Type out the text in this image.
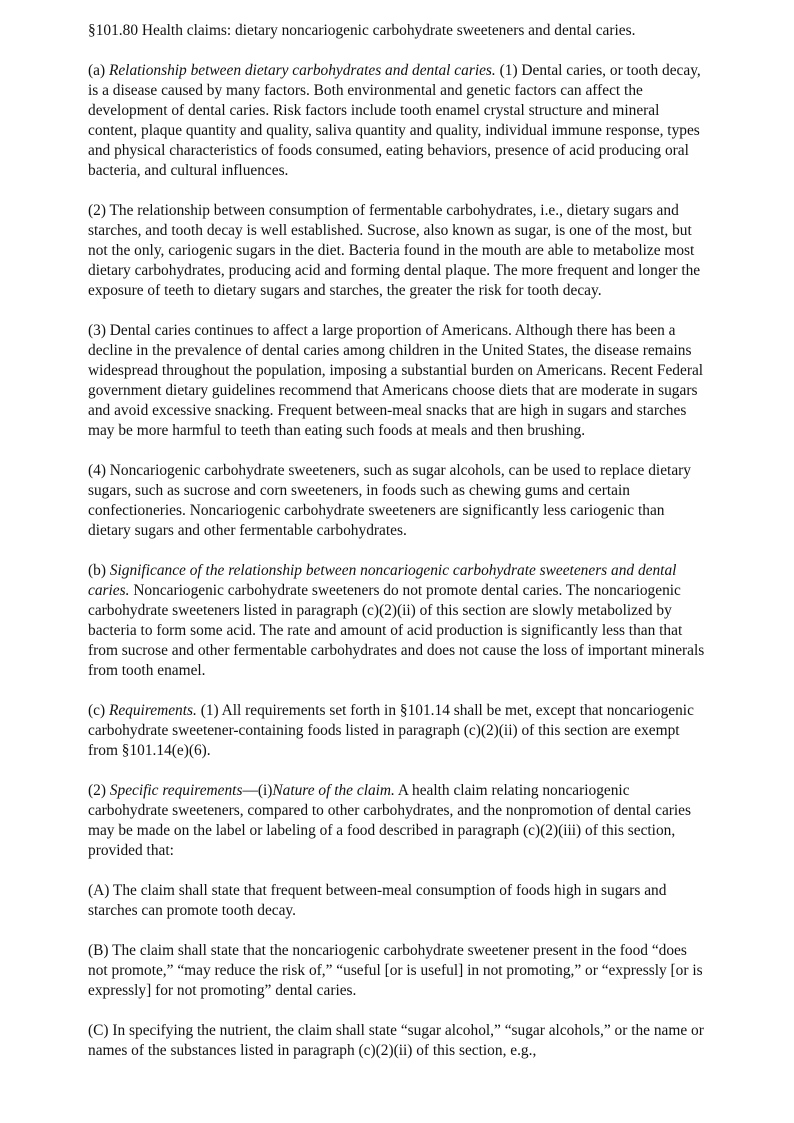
§101.80 Health claims: dietary noncariogenic carbohydrate sweeteners and dental caries.

(a) Relationship between dietary carbohydrates and dental caries. (1) Dental caries, or tooth decay, is a disease caused by many factors. Both environmental and genetic factors can affect the development of dental caries. Risk factors include tooth enamel crystal structure and mineral content, plaque quantity and quality, saliva quantity and quality, individual immune response, types and physical characteristics of foods consumed, eating behaviors, presence of acid producing oral bacteria, and cultural influences.

(2) The relationship between consumption of fermentable carbohydrates, i.e., dietary sugars and starches, and tooth decay is well established. Sucrose, also known as sugar, is one of the most, but not the only, cariogenic sugars in the diet. Bacteria found in the mouth are able to metabolize most dietary carbohydrates, producing acid and forming dental plaque. The more frequent and longer the exposure of teeth to dietary sugars and starches, the greater the risk for tooth decay.

(3) Dental caries continues to affect a large proportion of Americans. Although there has been a decline in the prevalence of dental caries among children in the United States, the disease remains widespread throughout the population, imposing a substantial burden on Americans. Recent Federal government dietary guidelines recommend that Americans choose diets that are moderate in sugars and avoid excessive snacking. Frequent between-meal snacks that are high in sugars and starches may be more harmful to teeth than eating such foods at meals and then brushing.

(4) Noncariogenic carbohydrate sweeteners, such as sugar alcohols, can be used to replace dietary sugars, such as sucrose and corn sweeteners, in foods such as chewing gums and certain confectioneries. Noncariogenic carbohydrate sweeteners are significantly less cariogenic than dietary sugars and other fermentable carbohydrates.

(b) Significance of the relationship between noncariogenic carbohydrate sweeteners and dental caries. Noncariogenic carbohydrate sweeteners do not promote dental caries. The noncariogenic carbohydrate sweeteners listed in paragraph (c)(2)(ii) of this section are slowly metabolized by bacteria to form some acid. The rate and amount of acid production is significantly less than that from sucrose and other fermentable carbohydrates and does not cause the loss of important minerals from tooth enamel.

(c) Requirements. (1) All requirements set forth in §101.14 shall be met, except that noncariogenic carbohydrate sweetener-containing foods listed in paragraph (c)(2)(ii) of this section are exempt from §101.14(e)(6).

(2) Specific requirements—(i)Nature of the claim. A health claim relating noncariogenic carbohydrate sweeteners, compared to other carbohydrates, and the nonpromotion of dental caries may be made on the label or labeling of a food described in paragraph (c)(2)(iii) of this section, provided that:

(A) The claim shall state that frequent between-meal consumption of foods high in sugars and starches can promote tooth decay.

(B) The claim shall state that the noncariogenic carbohydrate sweetener present in the food “does not promote,” “may reduce the risk of,” “useful [or is useful] in not promoting,” or “expressly [or is expressly] for not promoting” dental caries.

(C) In specifying the nutrient, the claim shall state “sugar alcohol,” “sugar alcohols,” or the name or names of the substances listed in paragraph (c)(2)(ii) of this section, e.g.,
